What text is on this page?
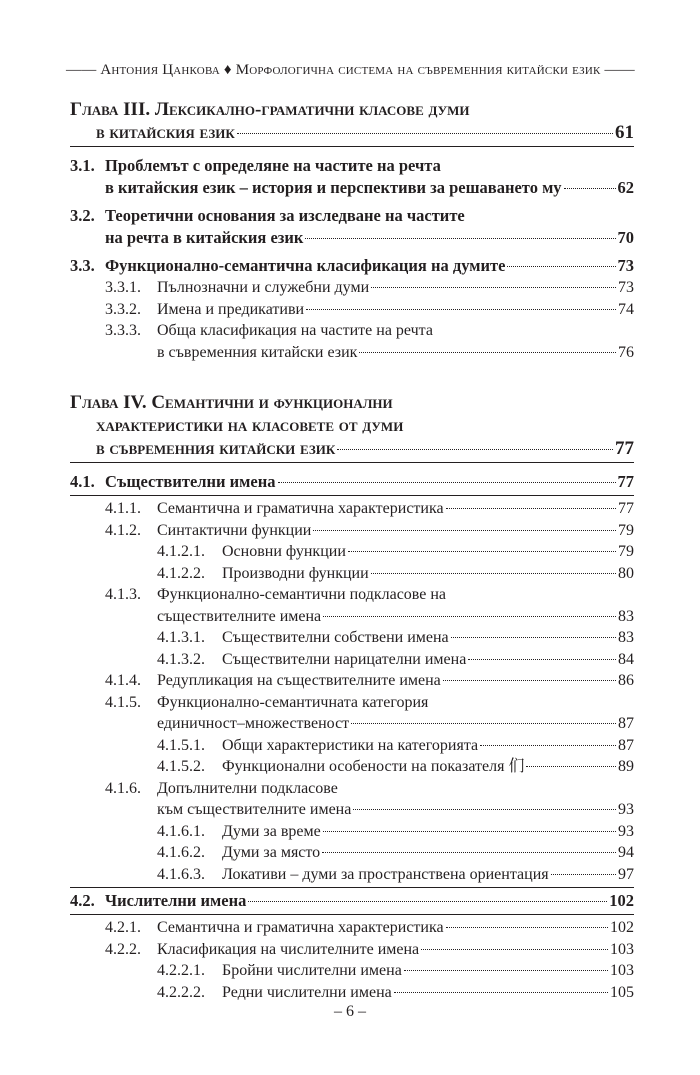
—— Антония Цанкова ♦ Морфологична система на съвременния китайски език ——
Глава III. Лексикално-граматични класове думи
в китайския език	61
3.1. Проблемът с определяне на частите на речта
в китайския език – история и перспективи за решаването му	62
3.2. Теоретични основания за изследване на частите
на речта в китайския език	70
3.3. Функционално-семантична класификация на думите	73
3.3.1.	Пълнозначни и служебни думи	73
3.3.2.	Имена и предикативи	74
3.3.3.	Обща класификация на частите на речта
в съвременния китайски език	76
Глава IV. Семантични и функционални
характеристики на класовете от думи
в съвременния китайски език	77
4.1. Съществителни имена	77
4.1.1.	Семантична и граматична характеристика	77
4.1.2.	Синтактични функции	79
4.1.2.1.	Основни функции	79
4.1.2.2.	Производни функции	80
4.1.3.	Функционално-семантични подкласове на
съществителните имена	83
4.1.3.1.	Съществителни собствени имена	83
4.1.3.2.	Съществителни нарицателни имена	84
4.1.4.	Редупликация на съществителните имена	86
4.1.5.	Функционално-семантичната категория
единичност–множественост	87
4.1.5.1.	Общи характеристики на категорията	87
4.1.5.2.	Функционални особености на показателя 们	89
4.1.6.	Допълнителни подкласове
към съществителните имена	93
4.1.6.1.	Думи за време	93
4.1.6.2.	Думи за място	94
4.1.6.3.	Локативи – думи за пространствена ориентация	97
4.2. Числителни имена	102
4.2.1.	Семантична и граматична характеристика	102
4.2.2.	Класификация на числителните имена	103
4.2.2.1.	Бройни числителни имена	103
4.2.2.2.	Редни числителни имена	105
– 6 –
